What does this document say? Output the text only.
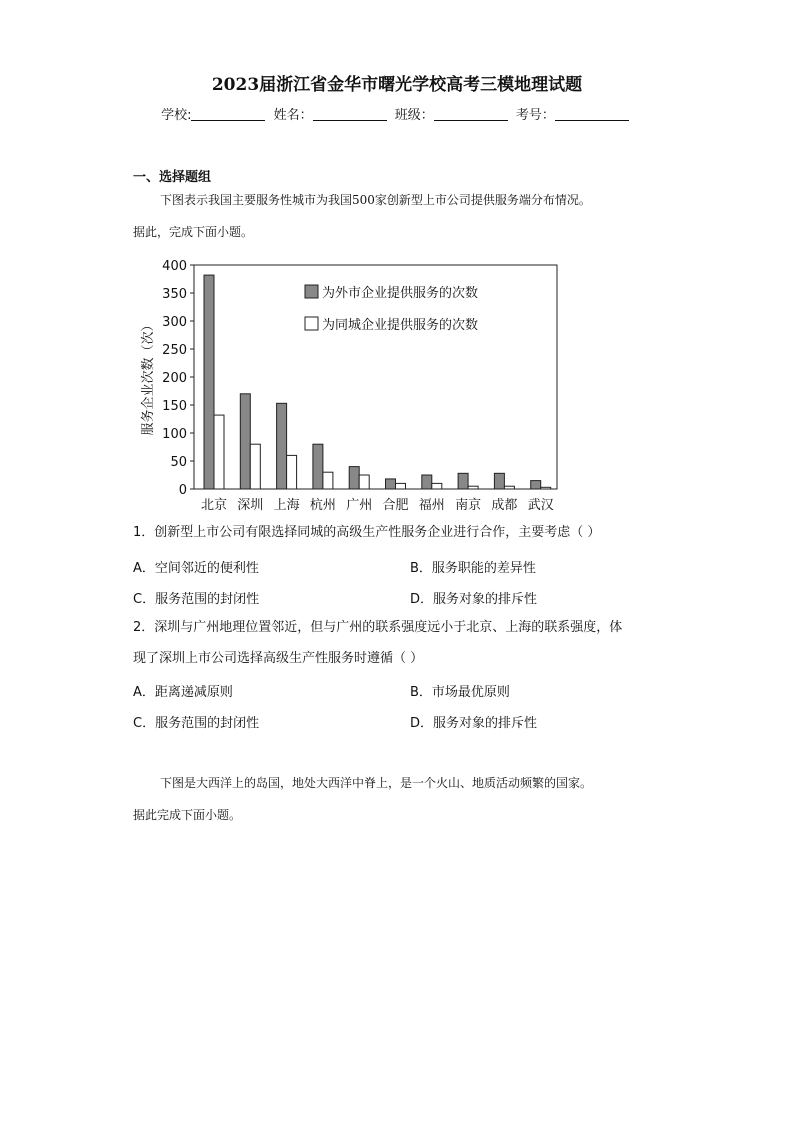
2023届浙江省金华市曙光学校高考三模地理试题
学校:	姓名：	班级：	考号：
一、选择题组
下图表示我国主要服务性城市为我国500家创新型上市公司提供服务端分布情况。
据此，完成下面小题。
0
50
100
150
200
250
300
350
400
服务企业次数（次）
北京 深圳 上海 杭州 广州 合肥 福州 南京 成都 武汉
为外市企业提供服务的次数
为同城企业提供服务的次数
1．创新型上市公司有限选择同城的高级生产性服务企业进行合作，主要考虑（ ）
A．空间邻近的便利性	B．服务职能的差异性
C．服务范围的封闭性	D．服务对象的排斥性
2．深圳与广州地理位置邻近，但与广州的联系强度远小于北京、上海的联系强度，体
现了深圳上市公司选择高级生产性服务时遵循（ ）
A．距离递减原则	B．市场最优原则
C．服务范围的封闭性	D．服务对象的排斥性
下图是大西洋上的岛国，地处大西洋中脊上，是一个火山、地质活动频繁的国家。
据此完成下面小题。
